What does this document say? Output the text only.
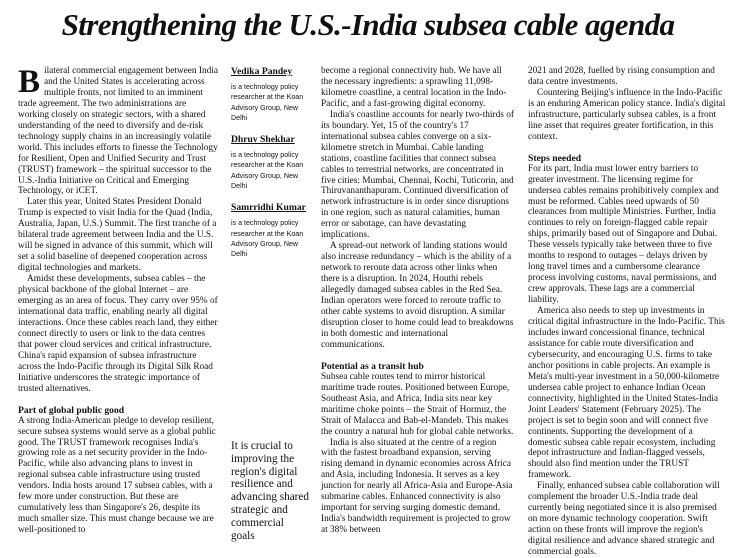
Strengthening the U.S.-India subsea cable agenda

Bilateral commercial engagement between India and the United States is accelerating across multiple fronts, not limited to an imminent trade agreement. The two administrations are working closely on strategic sectors, with a shared understanding of the need to diversify and de-risk technology supply chains in an increasingly volatile world. This includes efforts to finesse the Technology for Resilient, Open and Unified Security and Trust (TRUST) framework – the spiritual successor to the U.S.-India Initiative on Critical and Emerging Technology, or iCET.

Later this year, United States President Donald Trump is expected to visit India for the Quad (India, Australia, Japan, U.S.) Summit. The first tranche of a bilateral trade agreement between India and the U.S. will be signed in advance of this summit, which will set a solid baseline of deepened cooperation across digital technologies and markets.

Amidst these developments, subsea cables – the physical backbone of the global Internet – are emerging as an area of focus. They carry over 95% of international data traffic, enabling nearly all digital interactions. Once these cables reach land, they either connect directly to users or link to the data centres that power cloud services and critical infrastructure. China's rapid expansion of subsea infrastructure across the Indo-Pacific through its Digital Silk Road Initiative underscores the strategic importance of trusted alternatives.

Part of global public good

A strong India-American pledge to develop resilient, secure subsea systems would serve as a global public good. The TRUST framework recognises India's growing role as a net security provider in the Indo-Pacific, while also advancing plans to invest in regional subsea cable infrastructure using trusted vendors. India hosts around 17 subsea cables, with a few more under construction. But these are cumulatively less than Singapore's 26, despite its much smaller size. This must change because we are well-positioned to

Vedika Pandey
is a technology policy researcher at the Koan Advisory Group, New Delhi
Dhruv Shekhar
is a technology policy researcher at the Koan Advisory Group, New Delhi
Samrridhi Kumar
is a technology policy researcher at the Koan Advisory Group, New Delhi
It is crucial to improving the region's digital resilience and advancing shared strategic and commercial goals

become a regional connectivity hub. We have all the necessary ingredients: a sprawling 11,098-kilometre coastline, a central location in the Indo-Pacific, and a fast-growing digital economy.

India's coastline accounts for nearly two-thirds of its boundary. Yet, 15 of the country's 17 international subsea cables converge on a six-kilometre stretch in Mumbai. Cable landing stations, coastline facilities that connect subsea cables to terrestrial networks, are concentrated in five cities: Mumbai, Chennai, Kochi, Tuticorin, and Thiruvananthapuram. Continued diversification of network infrastructure is in order since disruptions in one region, such as natural calamities, human error or sabotage, can have devastating implications.

A spread-out network of landing stations would also increase redundancy – which is the ability of a network to reroute data across other links when there is a disruption. In 2024, Houthi rebels allegedly damaged subsea cables in the Red Sea. Indian operators were forced to reroute traffic to other cable systems to avoid disruption. A similar disruption closer to home could lead to breakdowns in both domestic and international communications.

Potential as a transit hub

Subsea cable routes tend to mirror historical maritime trade routes. Positioned between Europe, Southeast Asia, and Africa, India sits near key maritime choke points – the Strait of Hormuz, the Strait of Malacca and Bab-el-Mandeb. This makes the country a natural hub for global cable networks.

India is also situated at the centre of a region with the fastest broadband expansion, serving rising demand in dynamic economies across Africa and Asia, including Indonesia. It serves as a key junction for nearly all Africa-Asia and Europe-Asia submarine cables. Enhanced connectivity is also important for serving surging domestic demand. India's bandwidth requirement is projected to grow at 38% between

2021 and 2028, fuelled by rising consumption and data centre investments.

Countering Beijing's influence in the Indo-Pacific is an enduring American policy stance. India's digital infrastructure, particularly subsea cables, is a front line asset that requires greater fortification, in this context.

Steps needed

For its part, India must lower entry barriers to greater investment. The licensing regime for undersea cables remains prohibitively complex and must be reformed. Cables need upwards of 50 clearances from multiple Ministries. Further, India continues to rely on foreign-flagged cable repair ships, primarily based out of Singapore and Dubai. These vessels typically take between three to five months to respond to outages – delays driven by long travel times and a cumbersome clearance process involving customs, naval permissions, and crew approvals. These lags are a commercial liability.

America also needs to step up investments in critical digital infrastructure in the Indo-Pacific. This includes inward concessional finance, technical assistance for cable route diversification and cybersecurity, and encouraging U.S. firms to take anchor positions in cable projects. An example is Meta's multi-year investment in a 50,000-kilometre undersea cable project to enhance Indian Ocean connectivity, highlighted in the United States-India Joint Leaders' Statement (February 2025). The project is set to begin soon and will connect five continents. Supporting the development of a domestic subsea cable repair ecosystem, including depot infrastructure and Indian-flagged vessels, should also find mention under the TRUST framework.

Finally, enhanced subsea cable collaboration will complement the broader U.S.-India trade deal currently being negotiated since it is also premised on more dynamic technology cooperation. Swift action on these fronts will improve the region's digital resilience and advance shared strategic and commercial goals.
